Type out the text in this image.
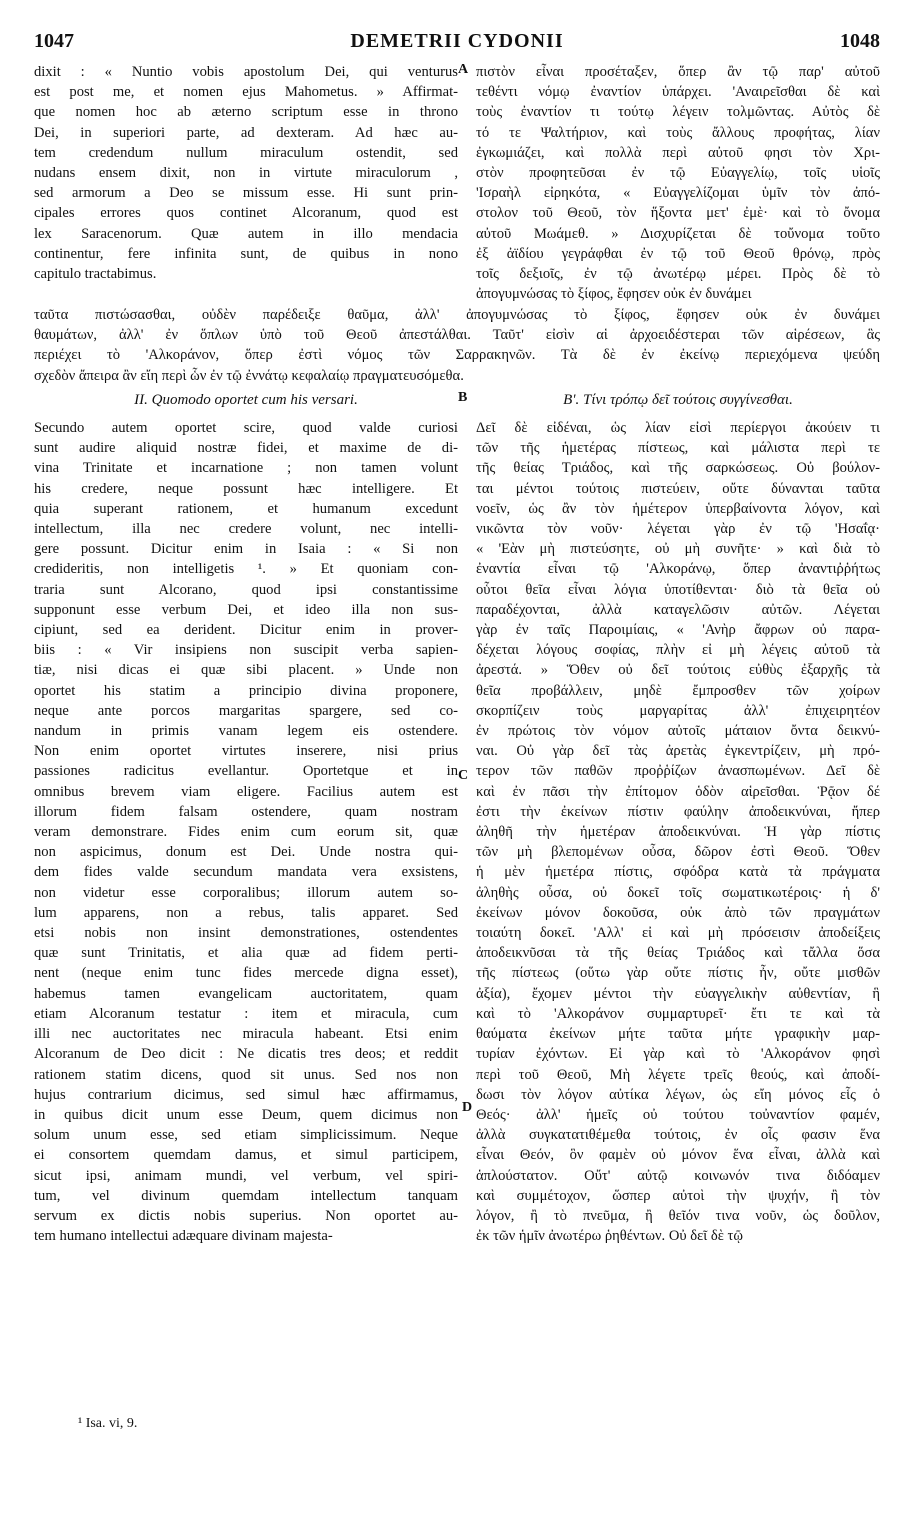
1047	DEMETRII CYDONII	1048
dixit : « Nuntio vobis apostolum Dei, qui venturus
est post me, et nomen ejus Mahometus. » Affirmat-
que nomen hoc ab æterno scriptum esse in throno
Dei, in superiori parte, ad dexteram. Ad hæc au-
tem credendum nullum miraculum ostendit, sed
nudans ensem dixit, non in virtute miraculorum ,
sed armorum a Deo se missum esse. Hi sunt prin-
cipales errores quos continet Alcoranum, quod est
lex Saracenorum. Quæ autem in illo mendacia
continentur, fere infinita sunt, de quibus in nono
capitulo tractabimus.
πιστὸν εἶναι προσέταξεν, ὅπερ ἂν τῷ παρ' αὐτοῦ
τεθέντι νόμῳ ἐναντίον ὑπάρχει. 'Αναιρεῖσθαι δὲ καὶ
τοὺς ἐναντίον τι τούτῳ λέγειν τολμῶντας. Αὐτὸς δὲ
τό τε Ψαλτήριον, καὶ τοὺς ἄλλους προφήτας, λίαν
ἐγκωμιάζει, καὶ πολλὰ περὶ αὐτοῦ φησι τὸν Χρι-
στὸν προφητεῦσαι ἐν τῷ Εὐαγγελίῳ, τοῖς υἱοῖς
'Ισραὴλ εἰρηκότα, « Εὐαγγελίζομαι ὑμῖν τὸν ἀπό-
στολον τοῦ Θεοῦ, τὸν ἥξοντα μετ' ἐμὲ· καὶ τὸ ὄνομα
αὐτοῦ Μωάμεθ. » Δισχυρίζεται δὲ τοὔνομα τοῦτο
ἐξ ἀϊδίου γεγράφθαι ἐν τῷ τοῦ Θεοῦ θρόνῳ, πρὸς
τοῖς δεξιοῖς, ἐν τῷ ἀνωτέρῳ μέρει. Πρὸς δὲ τὸ
ἀπογυμνώσας τὸ ξίφος, ἔφησεν οὐκ ἐν δυνάμει
ταῦτα πιστώσασθαι, οὐδὲν παρέδειξε θαῦμα, ἀλλ' ἀπογυμνώσας τὸ ξίφος, ἔφησεν οὐκ ἐν δυνάμει
θαυμάτων, ἀλλ' ἐν ὅπλων ὑπὸ τοῦ Θεοῦ ἀπεστάλθαι. Ταῦτ' εἰσὶν αἱ ἀρχοειδέστεραι τῶν αἱρέσεων, ἃς
περιέχει τὸ 'Αλκοράνον, ὅπερ ἐστὶ νόμος τῶν Σαρρακηνῶν. Τὰ δὲ ἐν ἐκείνῳ περιεχόμενα ψεύδη
σχεδὸν ἄπειρα ἂν εἴη περὶ ὧν ἐν τῷ ἐννάτῳ κεφαλαίῳ πραγματευσόμεθα.
II. Quomodo oportet cum his versari.	Β'. Τίνι τρόπῳ δεῖ τούτοις συγγίνεσθαι.
Secundo autem oportet scire, quod valde curiosi
sunt audire aliquid nostræ fidei, et maxime de di-
vina Trinitate et incarnatione ; non tamen volunt
his credere, neque possunt hæc intelligere. Et
quia superant rationem, et humanum excedunt
intellectum, illa nec credere volunt, nec intelli-
gere possunt. Dicitur enim in Isaia : « Si non
credideritis, non intelligetis ¹. » Et quoniam con-
traria sunt Alcorano, quod ipsi constantissime
supponunt esse verbum Dei, et ideo illa non sus-
cipiunt, sed ea derident. Dicitur enim in prover-
biis : « Vir insipiens non suscipit verba sapien-
tiæ, nisi dicas ei quæ sibi placent. » Unde non
oportet his statim a principio divina proponere,
neque ante porcos margaritas spargere, sed co-
nandum in primis vanam legem eis ostendere.
Non enim oportet virtutes inserere, nisi prius
passiones radicitus evellantur. Oportetque et in
omnibus brevem viam eligere. Facilius autem est
illorum fidem falsam ostendere, quam nostram
veram demonstrare. Fides enim cum eorum sit, quæ
non aspicimus, donum est Dei. Unde nostra qui-
dem fides valde secundum mandata vera exsistens,
non videtur esse corporalibus; illorum autem so-
lum apparens, non a rebus, talis apparet. Sed
etsi nobis non insint demonstrationes, ostendentes
quæ sunt Trinitatis, et alia quæ ad fidem perti-
nent (neque enim tunc fides mercede digna esset),
habemus tamen evangelicam auctoritatem, quam
etiam Alcoranum testatur : item et miracula, cum
illi nec auctoritates nec miracula habeant. Etsi enim
Alcoranum de Deo dicit : Ne dicatis tres deos; et reddit
rationem statim dicens, quod sit unus. Sed nos non
hujus contrarium dicimus, sed simul hæc affirmamus,
in quibus dicit unum esse Deum, quem dicimus non
solum unum esse, sed etiam simplicissimum. Neque
ei consortem quemdam damus, et simul participem,
sicut ipsi, animam mundi, vel verbum, vel spiri-
tum, vel divinum quemdam intellectum tanquam
servum ex dictis nobis superius. Non oportet au-
tem humano intellectui adæquare divinam majesta-
Δεῖ δὲ εἰδέναι, ὡς λίαν εἰσὶ περίεργοι ἀκούειν τι
τῶν τῆς ἡμετέρας πίστεως, καὶ μάλιστα περὶ τε
τῆς θείας Τριάδος, καὶ τῆς σαρκώσεως. Οὐ βούλον-
ται μέντοι τούτοις πιστεύειν, οὔτε δύνανται ταῦτα
νοεῖν, ὡς ἂν τὸν ἡμέτερον ὑπερβαίνοντα λόγον, καὶ
νικῶντα τὸν νοῦν· λέγεται γὰρ ἐν τῷ 'Ησαΐᾳ·
« 'Εὰν μὴ πιστεύσητε, οὐ μὴ συνῆτε· » καὶ διὰ τὸ
ἐναντία εἶναι τῷ 'Αλκοράνῳ, ὅπερ ἀναντιῤῥήτως
οὗτοι θεῖα εἶναι λόγια ὑποτίθενται· διὸ τὰ θεῖα οὐ
παραδέχονται, ἀλλὰ καταγελῶσιν αὐτῶν. Λέγεται
γὰρ ἐν ταῖς Παροιμίαις, « 'Ανὴρ ἄφρων οὐ παρα-
δέχεται λόγους σοφίας, πλὴν εἰ μὴ λέγεις αὐτοῦ τὰ
ἀρεστά. » Ὅθεν οὐ δεῖ τούτοις εὐθὺς ἐξαρχῆς τὰ
θεῖα προβάλλειν, μηδὲ ἔμπροσθεν τῶν χοίρων
σκορπίζειν τοὺς μαργαρίτας ἀλλ' ἐπιχειρητέον
ἐν πρώτοις τὸν νόμον αὐτοῖς μάταιον ὄντα δεικνύ-
ναι. Οὐ γὰρ δεῖ τὰς ἀρετὰς ἐγκεντρίζειν, μὴ πρό-
τερον τῶν παθῶν προῤῥίζων ἀνασπωμένων. Δεῖ δὲ
καὶ ἐν πᾶσι τὴν ἐπίτομον ὁδὸν αἱρεῖσθαι. Ῥᾷον δέ
ἐστι τὴν ἐκείνων πίστιν φαύλην ἀποδεικνύναι, ἤπερ
ἀληθῆ τὴν ἡμετέραν ἀποδεικνύναι. Ἡ γὰρ πίστις
τῶν μὴ βλεπομένων οὖσα, δῶρον ἐστὶ Θεοῦ. Ὅθεν
ἡ μὲν ἡμετέρα πίστις, σφόδρα κατὰ τὰ πράγματα
ἀληθὴς οὖσα, οὐ δοκεῖ τοῖς σωματικωτέροις· ἡ δ'
ἐκείνων μόνον δοκοῦσα, οὐκ ἀπὸ τῶν πραγμάτων
τοιαύτη δοκεῖ. 'Αλλ' εἰ καὶ μὴ πρόσεισιν ἀποδείξεις
ἀποδεικνῦσαι τὰ τῆς θείας Τριάδος καὶ τἄλλα ὅσα
τῆς πίστεως (οὕτω γὰρ οὔτε πίστις ἦν, οὔτε μισθῶν
ἀξία), ἔχομεν μέντοι τὴν εὐαγγελικὴν αὐθεντίαν, ἣ
καὶ τὸ 'Αλκοράνον συμμαρτυρεῖ· ἔτι τε καὶ τὰ
θαύματα ἐκείνων μήτε ταῦτα μήτε γραφικὴν μαρ-
τυρίαν ἐχόντων. Εἰ γὰρ καὶ τὸ 'Αλκοράνον φησὶ
περὶ τοῦ Θεοῦ, Μὴ λέγετε τρεῖς θεούς, καὶ ἀποδί-
δωσι τὸν λόγον αὐτίκα λέγων, ὡς εἴη μόνος εἷς ὁ
Θεός· ἀλλ' ἡμεῖς οὐ τούτου τοὐναντίον φαμέν,
ἀλλὰ συγκατατιθέμεθα τούτοις, ἐν οἷς φασιν ἕνα
εἶναι Θεόν, ὃν φαμὲν οὐ μόνον ἕνα εἶναι, ἀλλὰ καὶ
ἁπλούστατον. Οὔτ' αὐτῷ κοινωνόν τινα διδόαμεν
καὶ συμμέτοχον, ὥσπερ αὐτοὶ τὴν ψυχήν, ἢ τὸν
λόγον, ἢ τὸ πνεῦμα, ἢ θεῖόν τινα νοῦν, ὡς δοῦλον,
ἐκ τῶν ἡμῖν ἀνωτέρω ῥηθέντων. Οὐ δεῖ δὲ τῷ
A
B
C
D
¹ Isa. vi, 9.
